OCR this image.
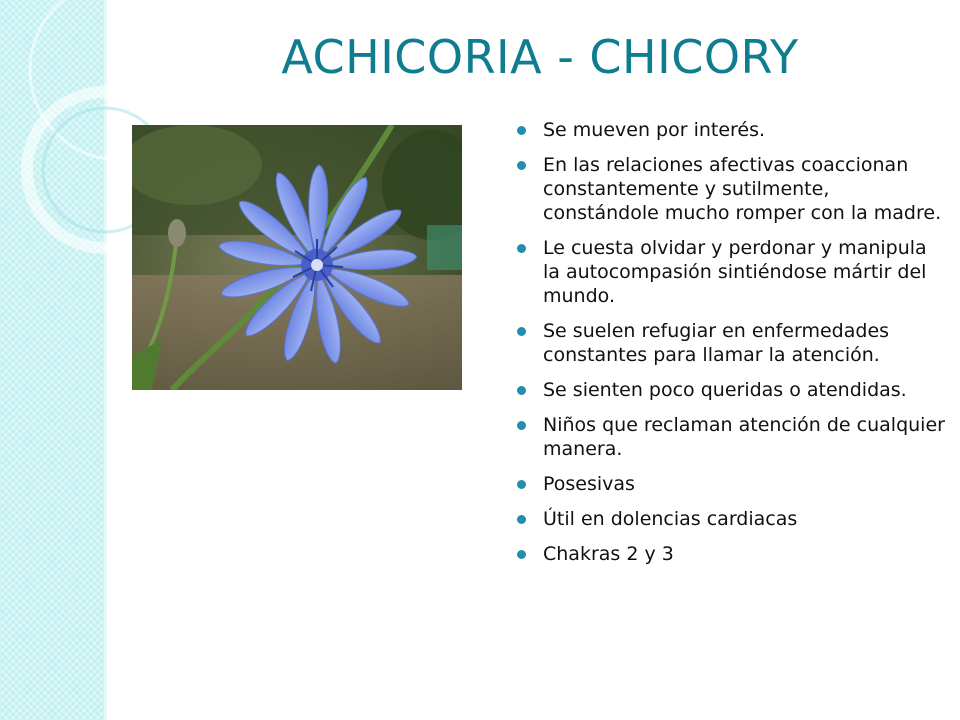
ACHICORIA - CHICORY
Se mueven por interés.
En las relaciones afectivas coaccionan constantemente y sutilmente, constándole mucho romper con la madre.
Le cuesta olvidar y perdonar y manipula la autocompasión sintiéndose mártir del mundo.
Se suelen refugiar en enfermedades constantes para llamar la atención.
Se sienten poco queridas o atendidas.
Niños que reclaman atención de cualquier manera.
Posesivas
Útil en dolencias cardiacas
Chakras 2 y 3
